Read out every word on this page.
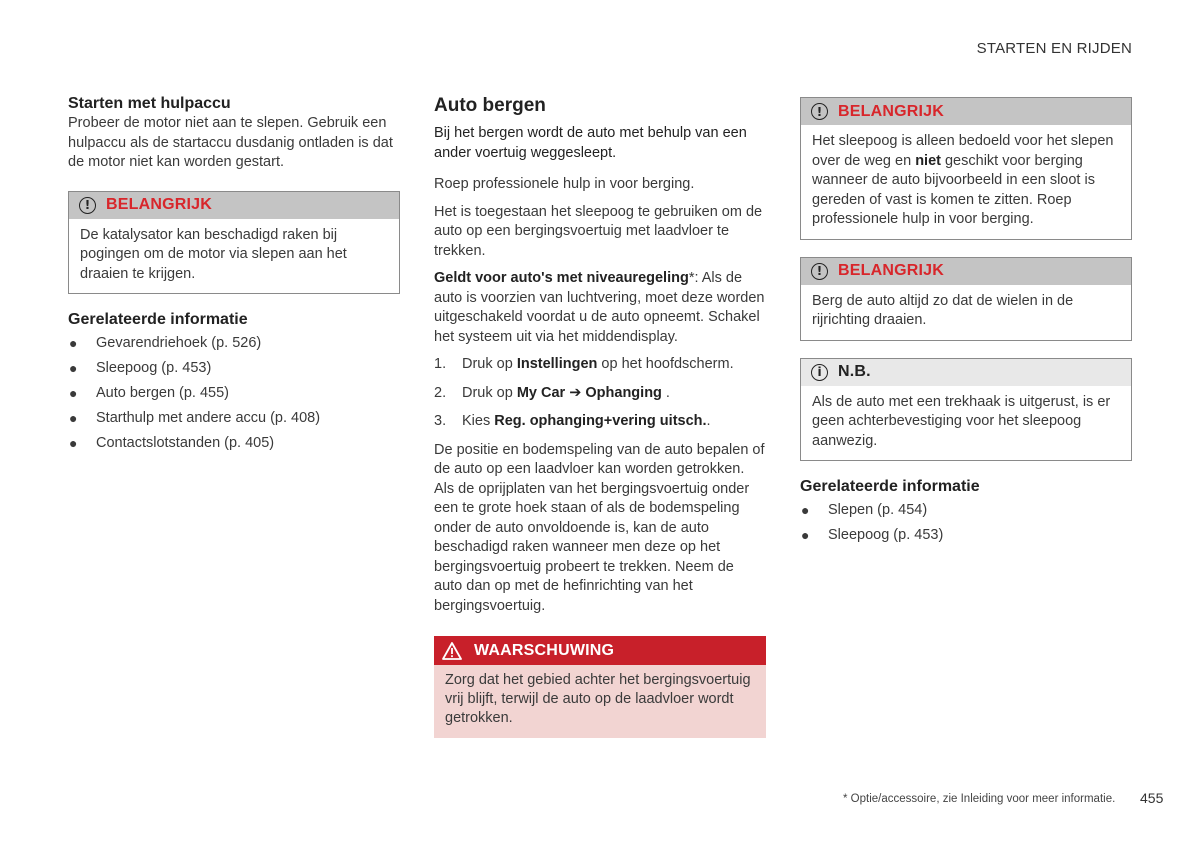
STARTEN EN RIJDEN
Starten met hulpaccu

Probeer de motor niet aan te slepen. Gebruik een hulpaccu als de startaccu dusdanig ontladen is dat de motor niet kan worden gestart.

! BELANGRIJK
De katalysator kan beschadigd raken bij pogingen om de motor via slepen aan het draaien te krijgen.
Gerelateerde informatie
● Gevarendriehoek (p. 526)
● Sleepoog (p. 453)
● Auto bergen (p. 455)
● Starthulp met andere accu (p. 408)
● Contactslotstanden (p. 405)
Auto bergen

Bij het bergen wordt de auto met behulp van een ander voertuig weggesleept.

Roep professionele hulp in voor berging.

Het is toegestaan het sleepoog te gebruiken om de auto op een bergingsvoertuig met laadvloer te trekken.

Geldt voor auto's met niveauregeling*: Als de auto is voorzien van luchtvering, moet deze worden uitgeschakeld voordat u de auto opneemt. Schakel het systeem uit via het middendisplay.

1. Druk op Instellingen op het hoofdscherm.
2. Druk op My Car ➔ Ophanging .
3. Kies Reg. ophanging+vering uitsch..

De positie en bodemspeling van de auto bepalen of de auto op een laadvloer kan worden getrokken. Als de oprijplaten van het bergingsvoertuig onder een te grote hoek staan of als de bodemspeling onder de auto onvoldoende is, kan de auto beschadigd raken wanneer men deze op het bergingsvoertuig probeert te trekken. Neem de auto dan op met de hefinrichting van het bergingsvoertuig.

WAARSCHUWING
Zorg dat het gebied achter het bergingsvoertuig vrij blijft, terwijl de auto op de laadvloer wordt getrokken.
! BELANGRIJK
Het sleepoog is alleen bedoeld voor het slepen over de weg en niet geschikt voor berging wanneer de auto bijvoorbeeld in een sloot is gereden of vast is komen te zitten. Roep professionele hulp in voor berging.
! BELANGRIJK
Berg de auto altijd zo dat de wielen in de rijrichting draaien.
i	N.B.
Als de auto met een trekhaak is uitgerust, is er geen achterbevestiging voor het sleepoog aanwezig.
Gerelateerde informatie
● Slepen (p. 454)
● Sleepoog (p. 453)
* Optie/accessoire, zie Inleiding voor meer informatie. 455
